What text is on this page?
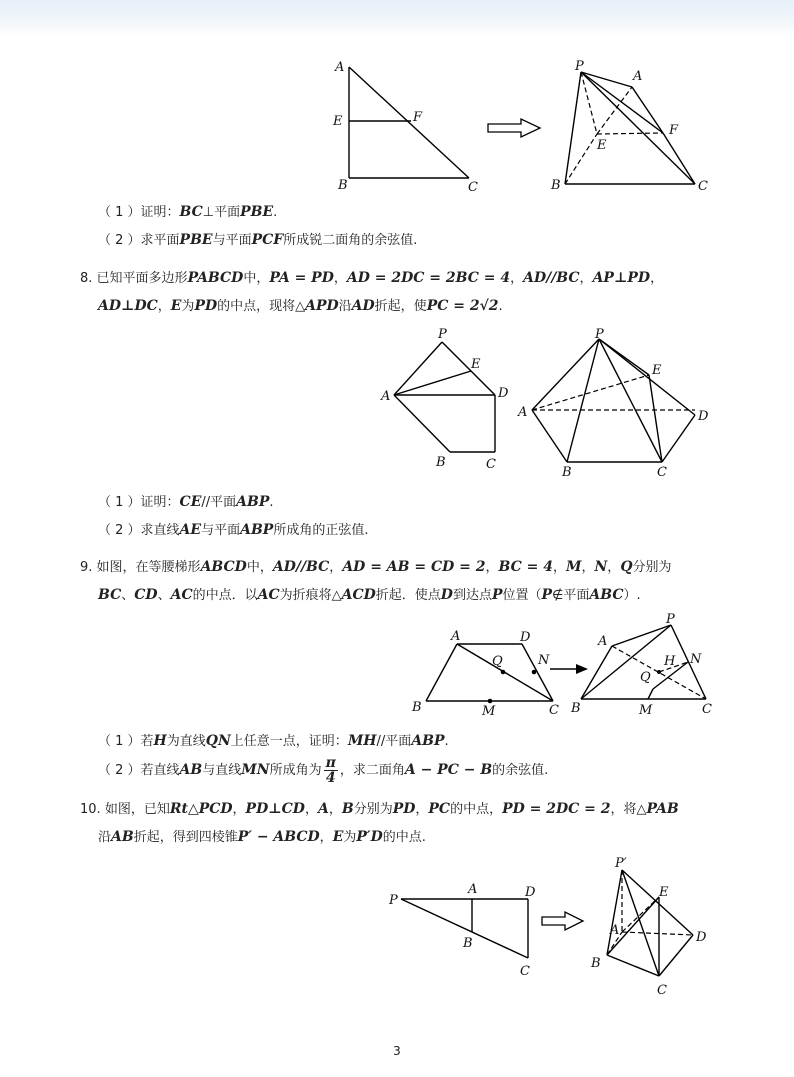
A
E	F
B	C
P
A
E
F
B	C
（ 1 ）证明：BC⊥平面PBE.
（ 2 ）求平面PBE与平面PCF所成锐二面角的余弦值.
8. 已知平面多边形PABCD中，PA = PD，AD = 2DC = 2BC = 4，AD//BC，AP⊥PD，
AD⊥DC，E为PD的中点，现将△APD沿AD折起，使PC = 2√2.
P
E
A	D
B	C
P
E
A	D
B	C
（ 1 ）证明：CE//平面ABP.
（ 2 ）求直线AE与平面ABP所成角的正弦值.
9. 如图，在等腰梯形ABCD中，AD//BC，AD = AB = CD = 2，BC = 4，M，N，Q分别为
BC、CD、AC的中点．以AC为折痕将△ACD折起．使点D到达点P位置（P∉平面ABC）.
A	D
Q	N
B	M	C
P
A
H N
Q
B	M	C
（ 1 ）若H为直线QN上任意一点，证明：MH//平面ABP.
（ 2 ）若直线AB与直线MN所成角为 $\frac{\pi}{4}$ ，求二面角A − PC − B的余弦值.
10. 如图，已知Rt△PCD，PD⊥CD，A，B分别为PD，PC的中点，PD = 2DC = 2，将△PAB
沿AB折起，得到四棱锥P′ − ABCD，E为P′D的中点.
P
A	D
B
C
P′
E
A	D
B
C
3
